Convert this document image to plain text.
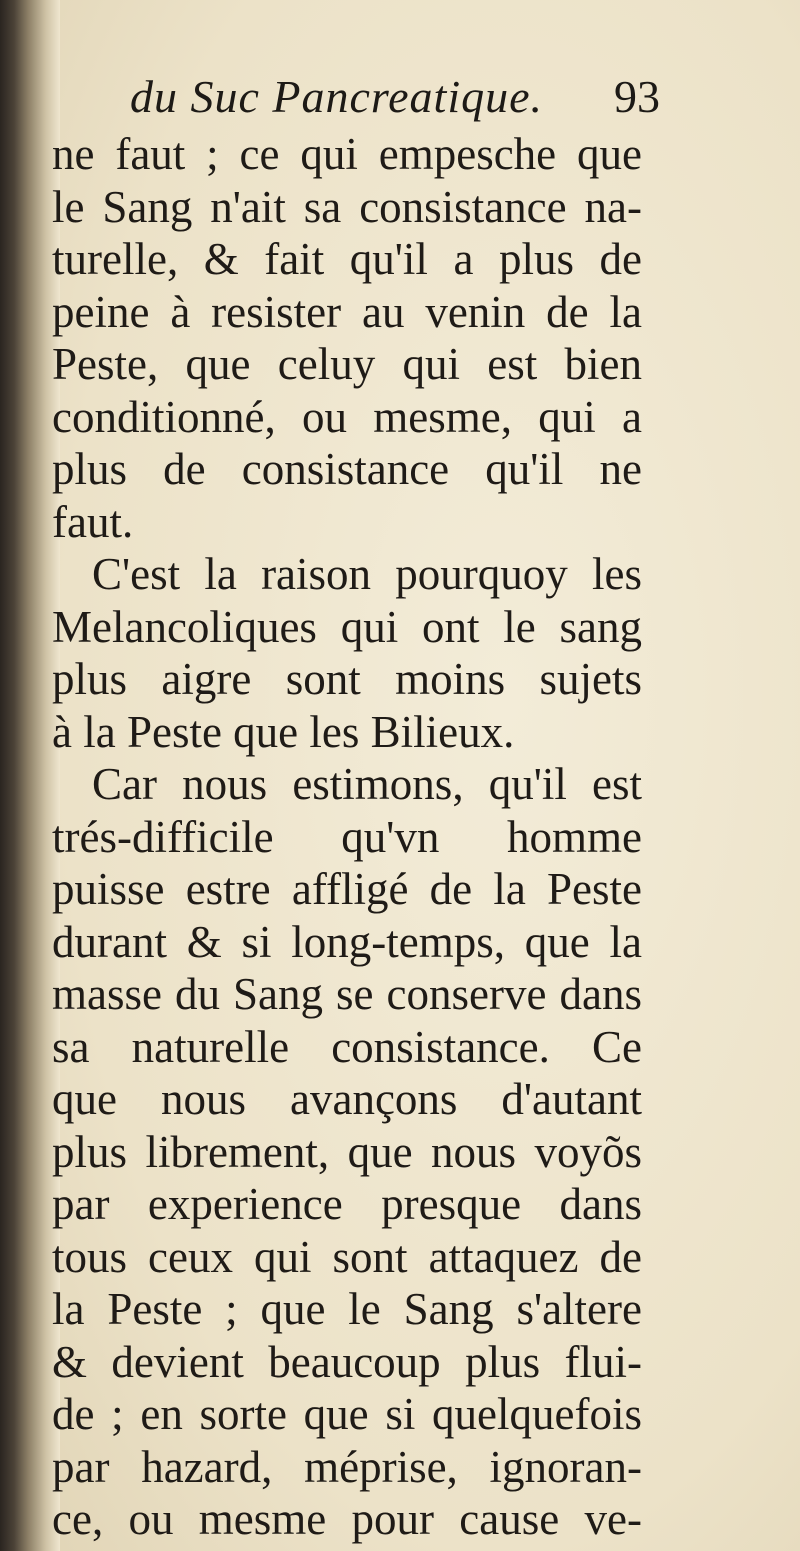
du Suc Pancreatique. 93
ne faut ; ce qui empesche que
le Sang n'ait sa consistance na-
turelle, & fait qu'il a plus de
peine à resister au venin de la
Peste, que celuy qui est bien
conditionné, ou mesme, qui a
plus de consistance qu'il ne
faut.
C'est la raison pourquoy les
Melancoliques qui ont le sang
plus aigre sont moins sujets
à la Peste que les Bilieux.
Car nous estimons, qu'il est
trés-difficile qu'vn homme
puisse estre affligé de la Peste
durant & si long-temps, que la
masse du Sang se conserve dans
sa naturelle consistance. Ce
que nous avançons d'autant
plus librement, que nous voyõs
par experience presque dans
tous ceux qui sont attaquez de
la Peste ; que le Sang s'altere
& devient beaucoup plus flui-
de ; en sorte que si quelquefois
par hazard, méprise, ignoran-
ce, ou mesme pour cause ve-
